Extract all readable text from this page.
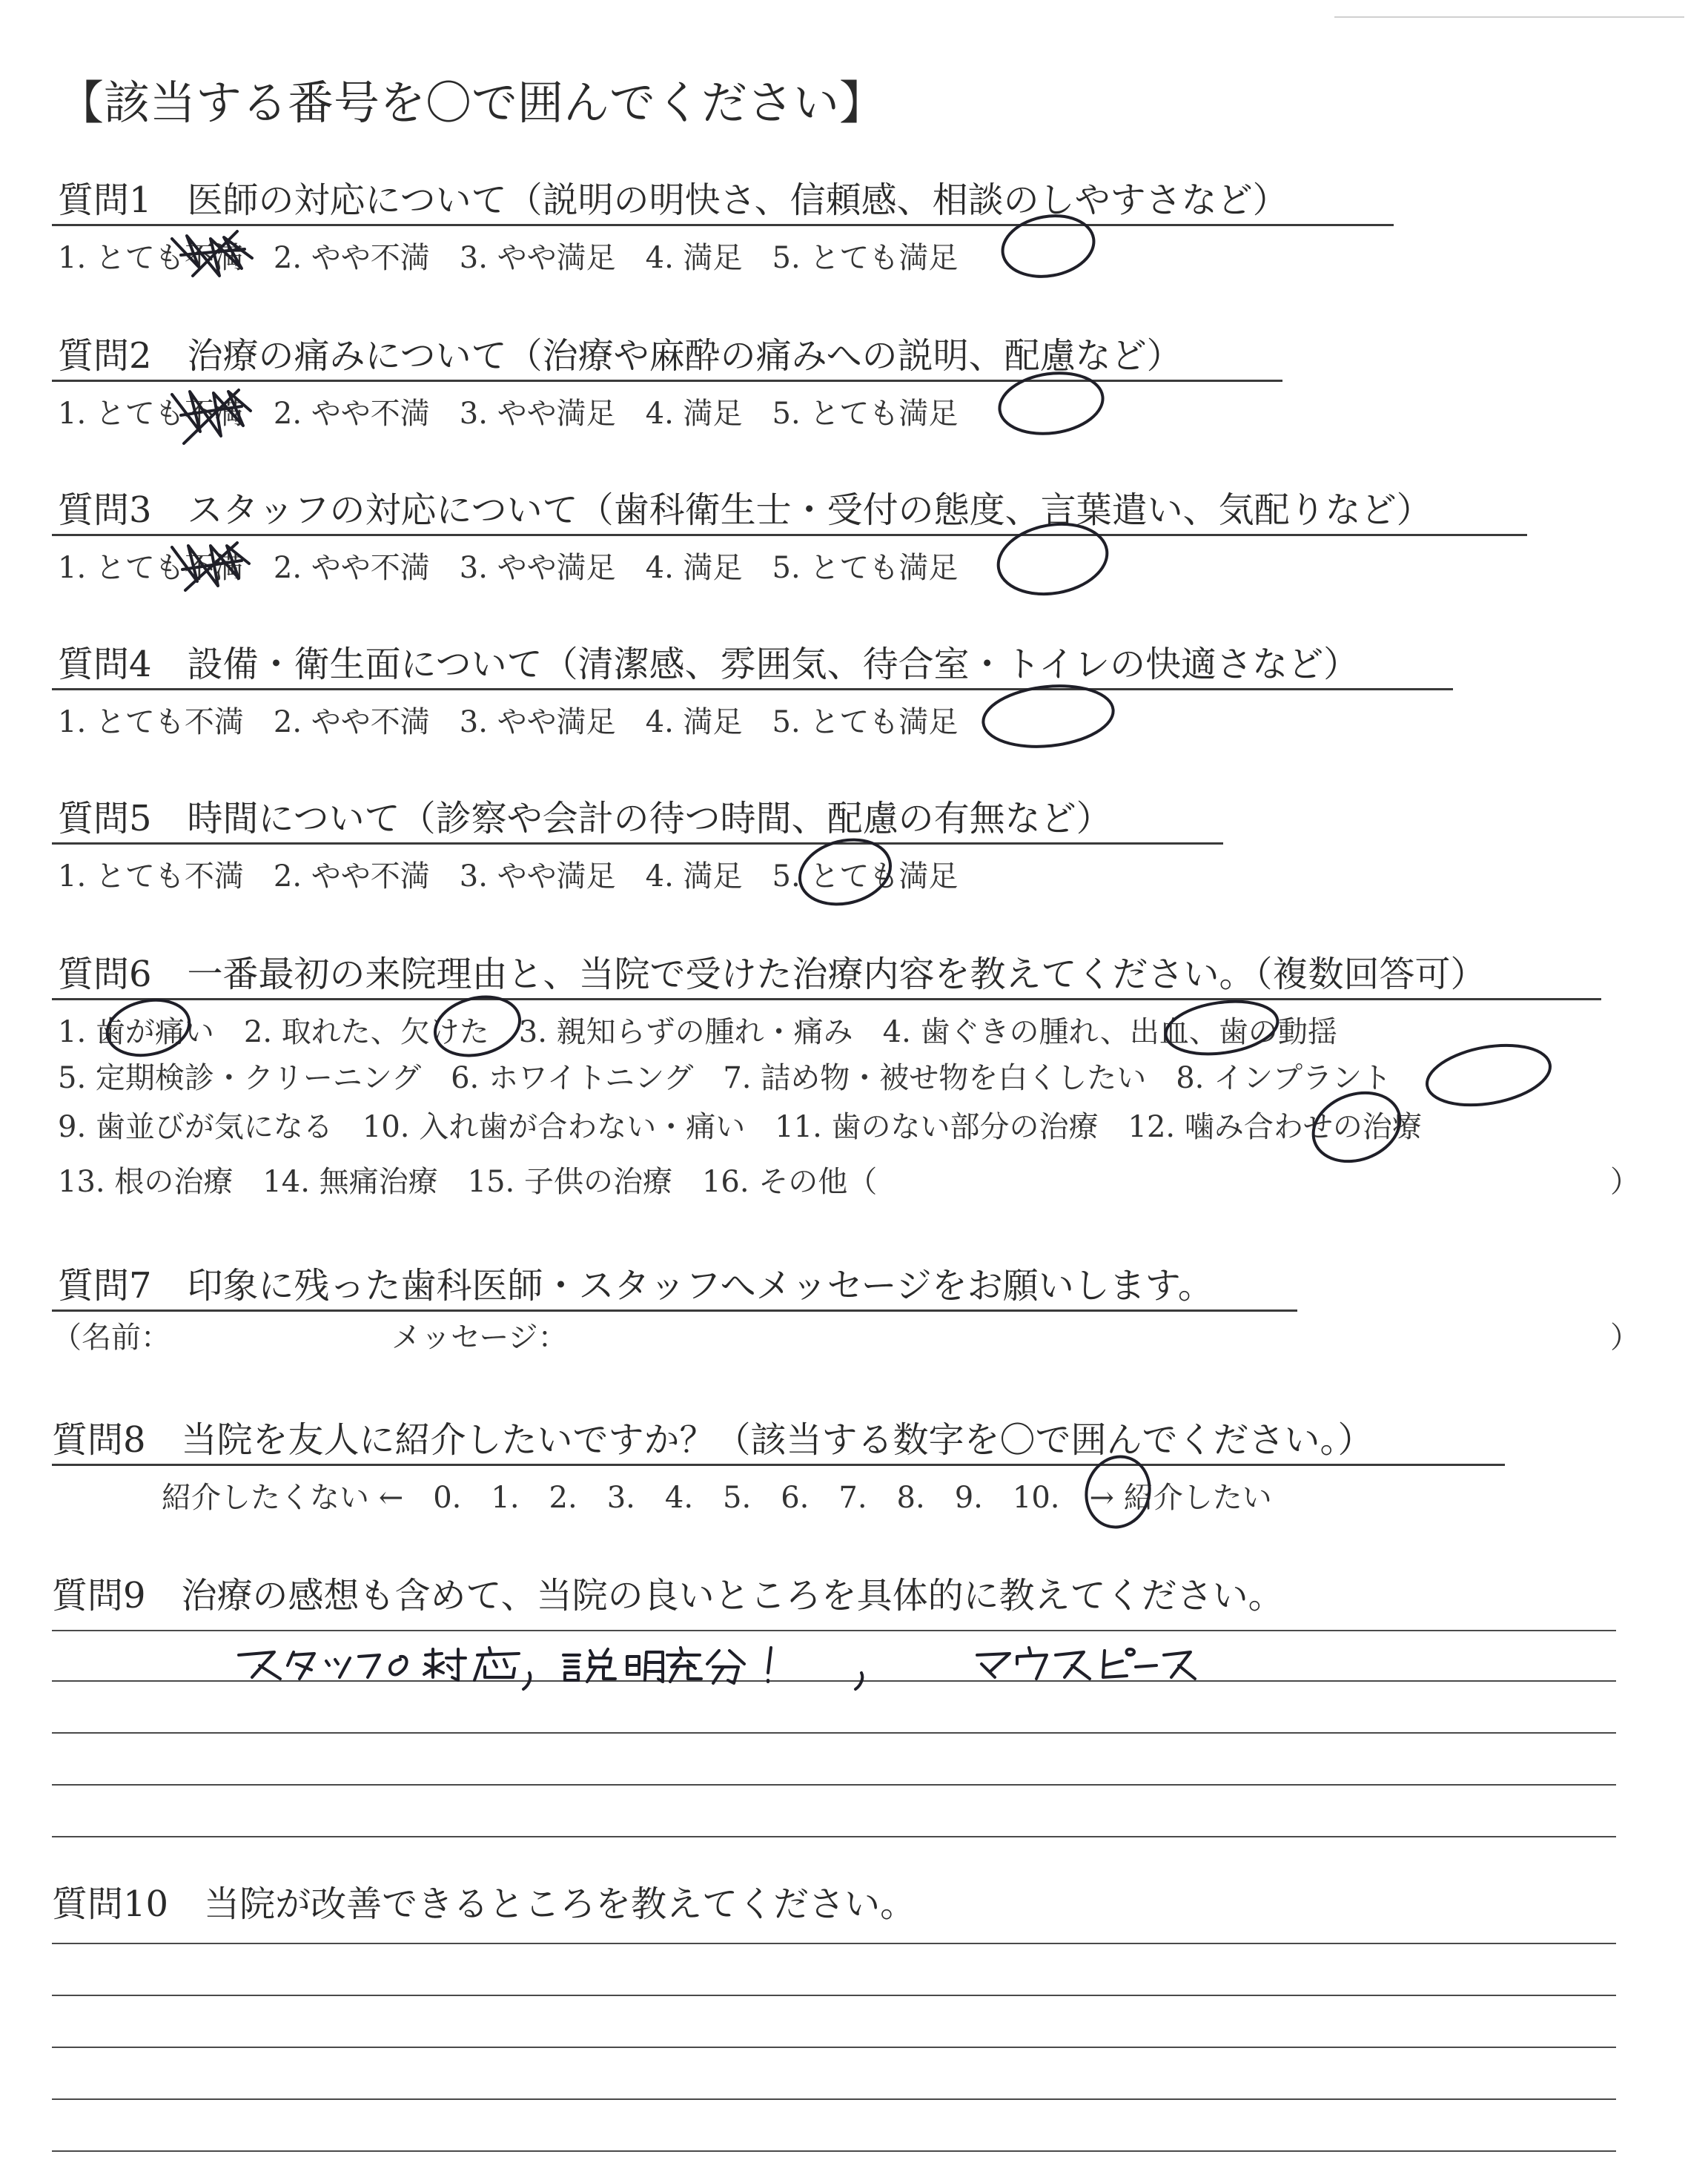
【該当する番号を〇で囲んでください】
質問1　医師の対応について（説明の明快さ、信頼感、相談のしやすさなど）
1. とても不満　2. やや不満　3. やや満足　4. 満足　5. とても満足
質問2　治療の痛みについて（治療や麻酔の痛みへの説明、配慮など）
1. とても不満　2. やや不満　3. やや満足　4. 満足　5. とても満足
質問3　スタッフの対応について（歯科衛生士・受付の態度、言葉遣い、気配りなど）
1. とても不満　2. やや不満　3. やや満足　4. 満足　5. とても満足
質問4　設備・衛生面について（清潔感、雰囲気、待合室・トイレの快適さなど）
1. とても不満　2. やや不満　3. やや満足　4. 満足　5. とても満足
質問5　時間について（診察や会計の待つ時間、配慮の有無など）
1. とても不満　2. やや不満　3. やや満足　4. 満足　5. とても満足
質問6　一番最初の来院理由と、当院で受けた治療内容を教えてください。（複数回答可）
1. 歯が痛い　2. 取れた、欠けた　3. 親知らずの腫れ・痛み　4. 歯ぐきの腫れ、出血、歯の動揺
5. 定期検診・クリーニング　6. ホワイトニング　7. 詰め物・被せ物を白くしたい　8. インプラント
9. 歯並びが気になる　10. 入れ歯が合わない・痛い　11. 歯のない部分の治療　12. 噛み合わせの治療
13. 根の治療　14. 無痛治療　15. 子供の治療　16. その他（	）
質問7　印象に残った歯科医師・スタッフへメッセージをお願いします。
（名前：	メッセージ：	）
質問8　当院を友人に紹介したいですか？（該当する数字を〇で囲んでください。）
紹介したくない ←　0.　1.　2.　3.　4.　5.　6.　7.　8.　9.　10.　→ 紹介したい
質問9　治療の感想も含めて、当院の良いところを具体的に教えてください。
質問10　当院が改善できるところを教えてください。
